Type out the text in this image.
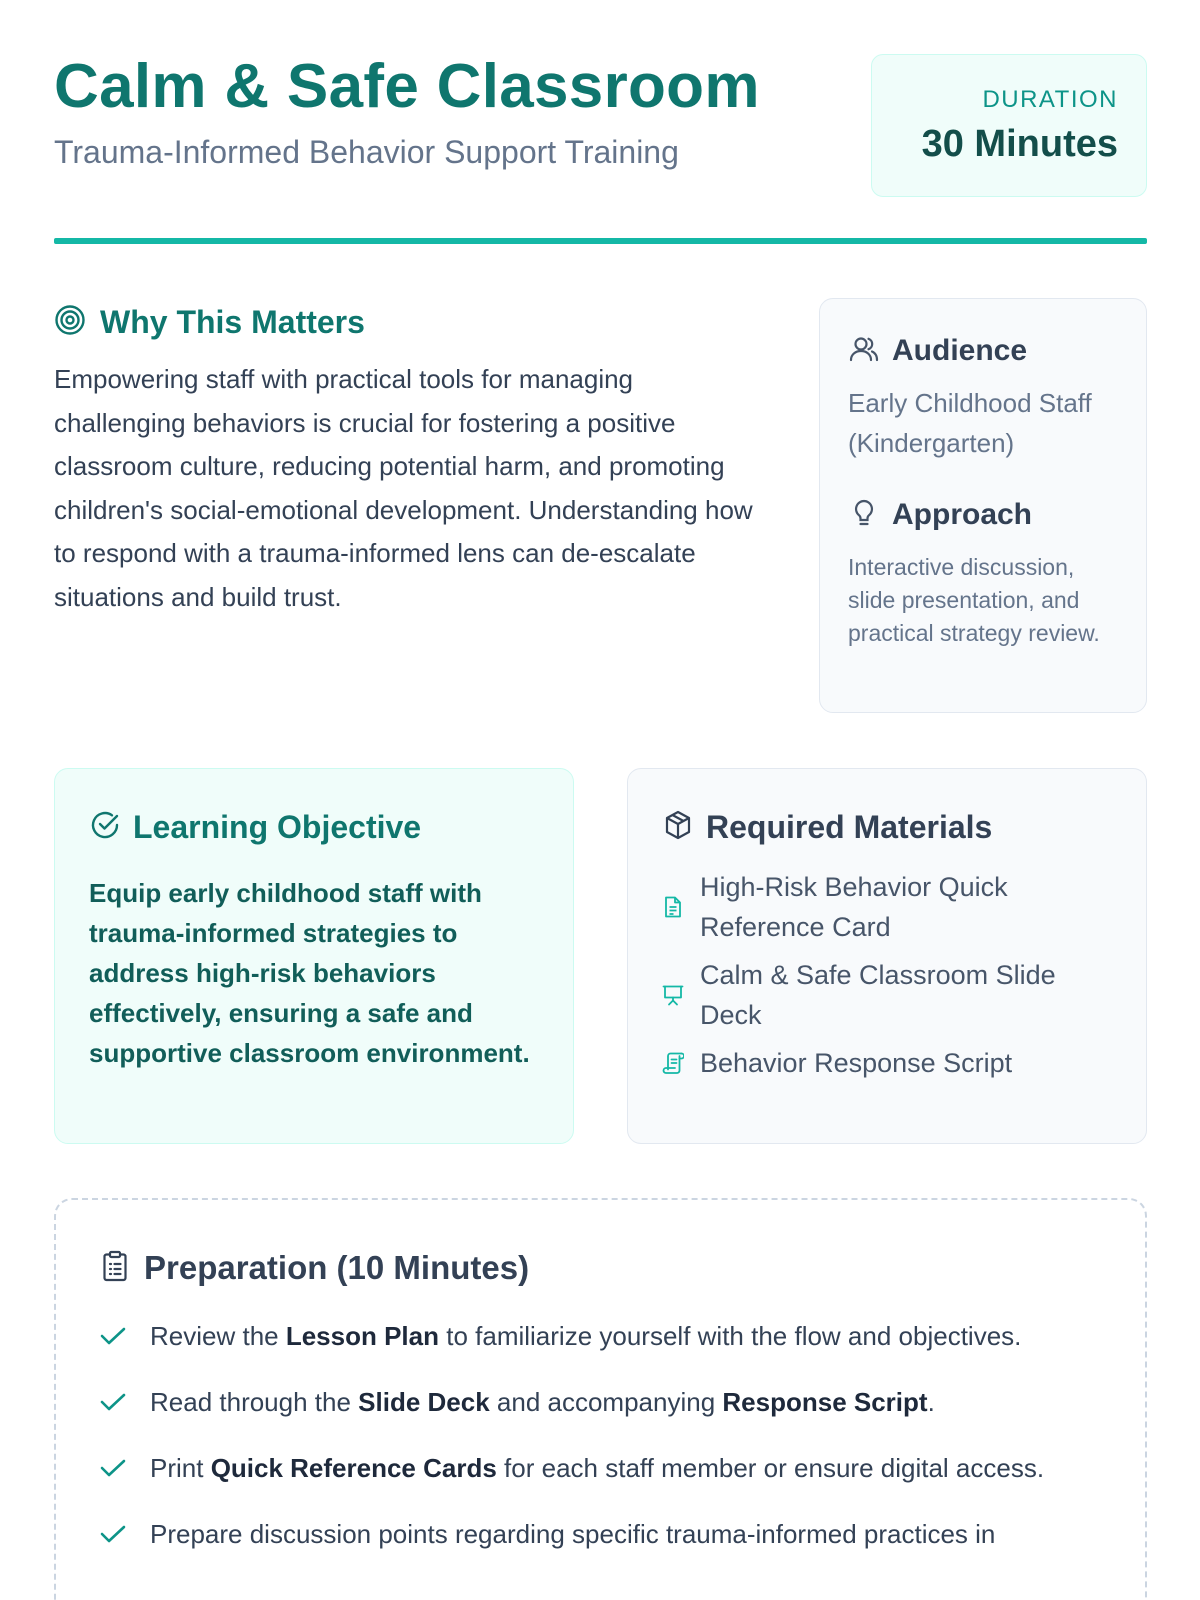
Calm & Safe Classroom
Trauma-Informed Behavior Support Training
DURATION
30 Minutes
Why This Matters

Empowering staff with practical tools for managing challenging behaviors is crucial for fostering a positive classroom culture, reducing potential harm, and promoting children's social-emotional development. Understanding how to respond with a trauma-informed lens can de-escalate situations and build trust.

Audience

Early Childhood Staff (Kindergarten)

Approach

Interactive discussion, slide presentation, and practical strategy review.

Learning Objective

Equip early childhood staff with trauma-informed strategies to address high-risk behaviors effectively, ensuring a safe and supportive classroom environment.

Required Materials
High-Risk Behavior Quick Reference Card
Calm & Safe Classroom Slide Deck
Behavior Response Script
Preparation (10 Minutes)
Review the Lesson Plan to familiarize yourself with the flow and objectives.
Read through the Slide Deck and accompanying Response Script.
Print Quick Reference Cards for each staff member or ensure digital access.
Prepare discussion points regarding specific trauma-informed practices in
